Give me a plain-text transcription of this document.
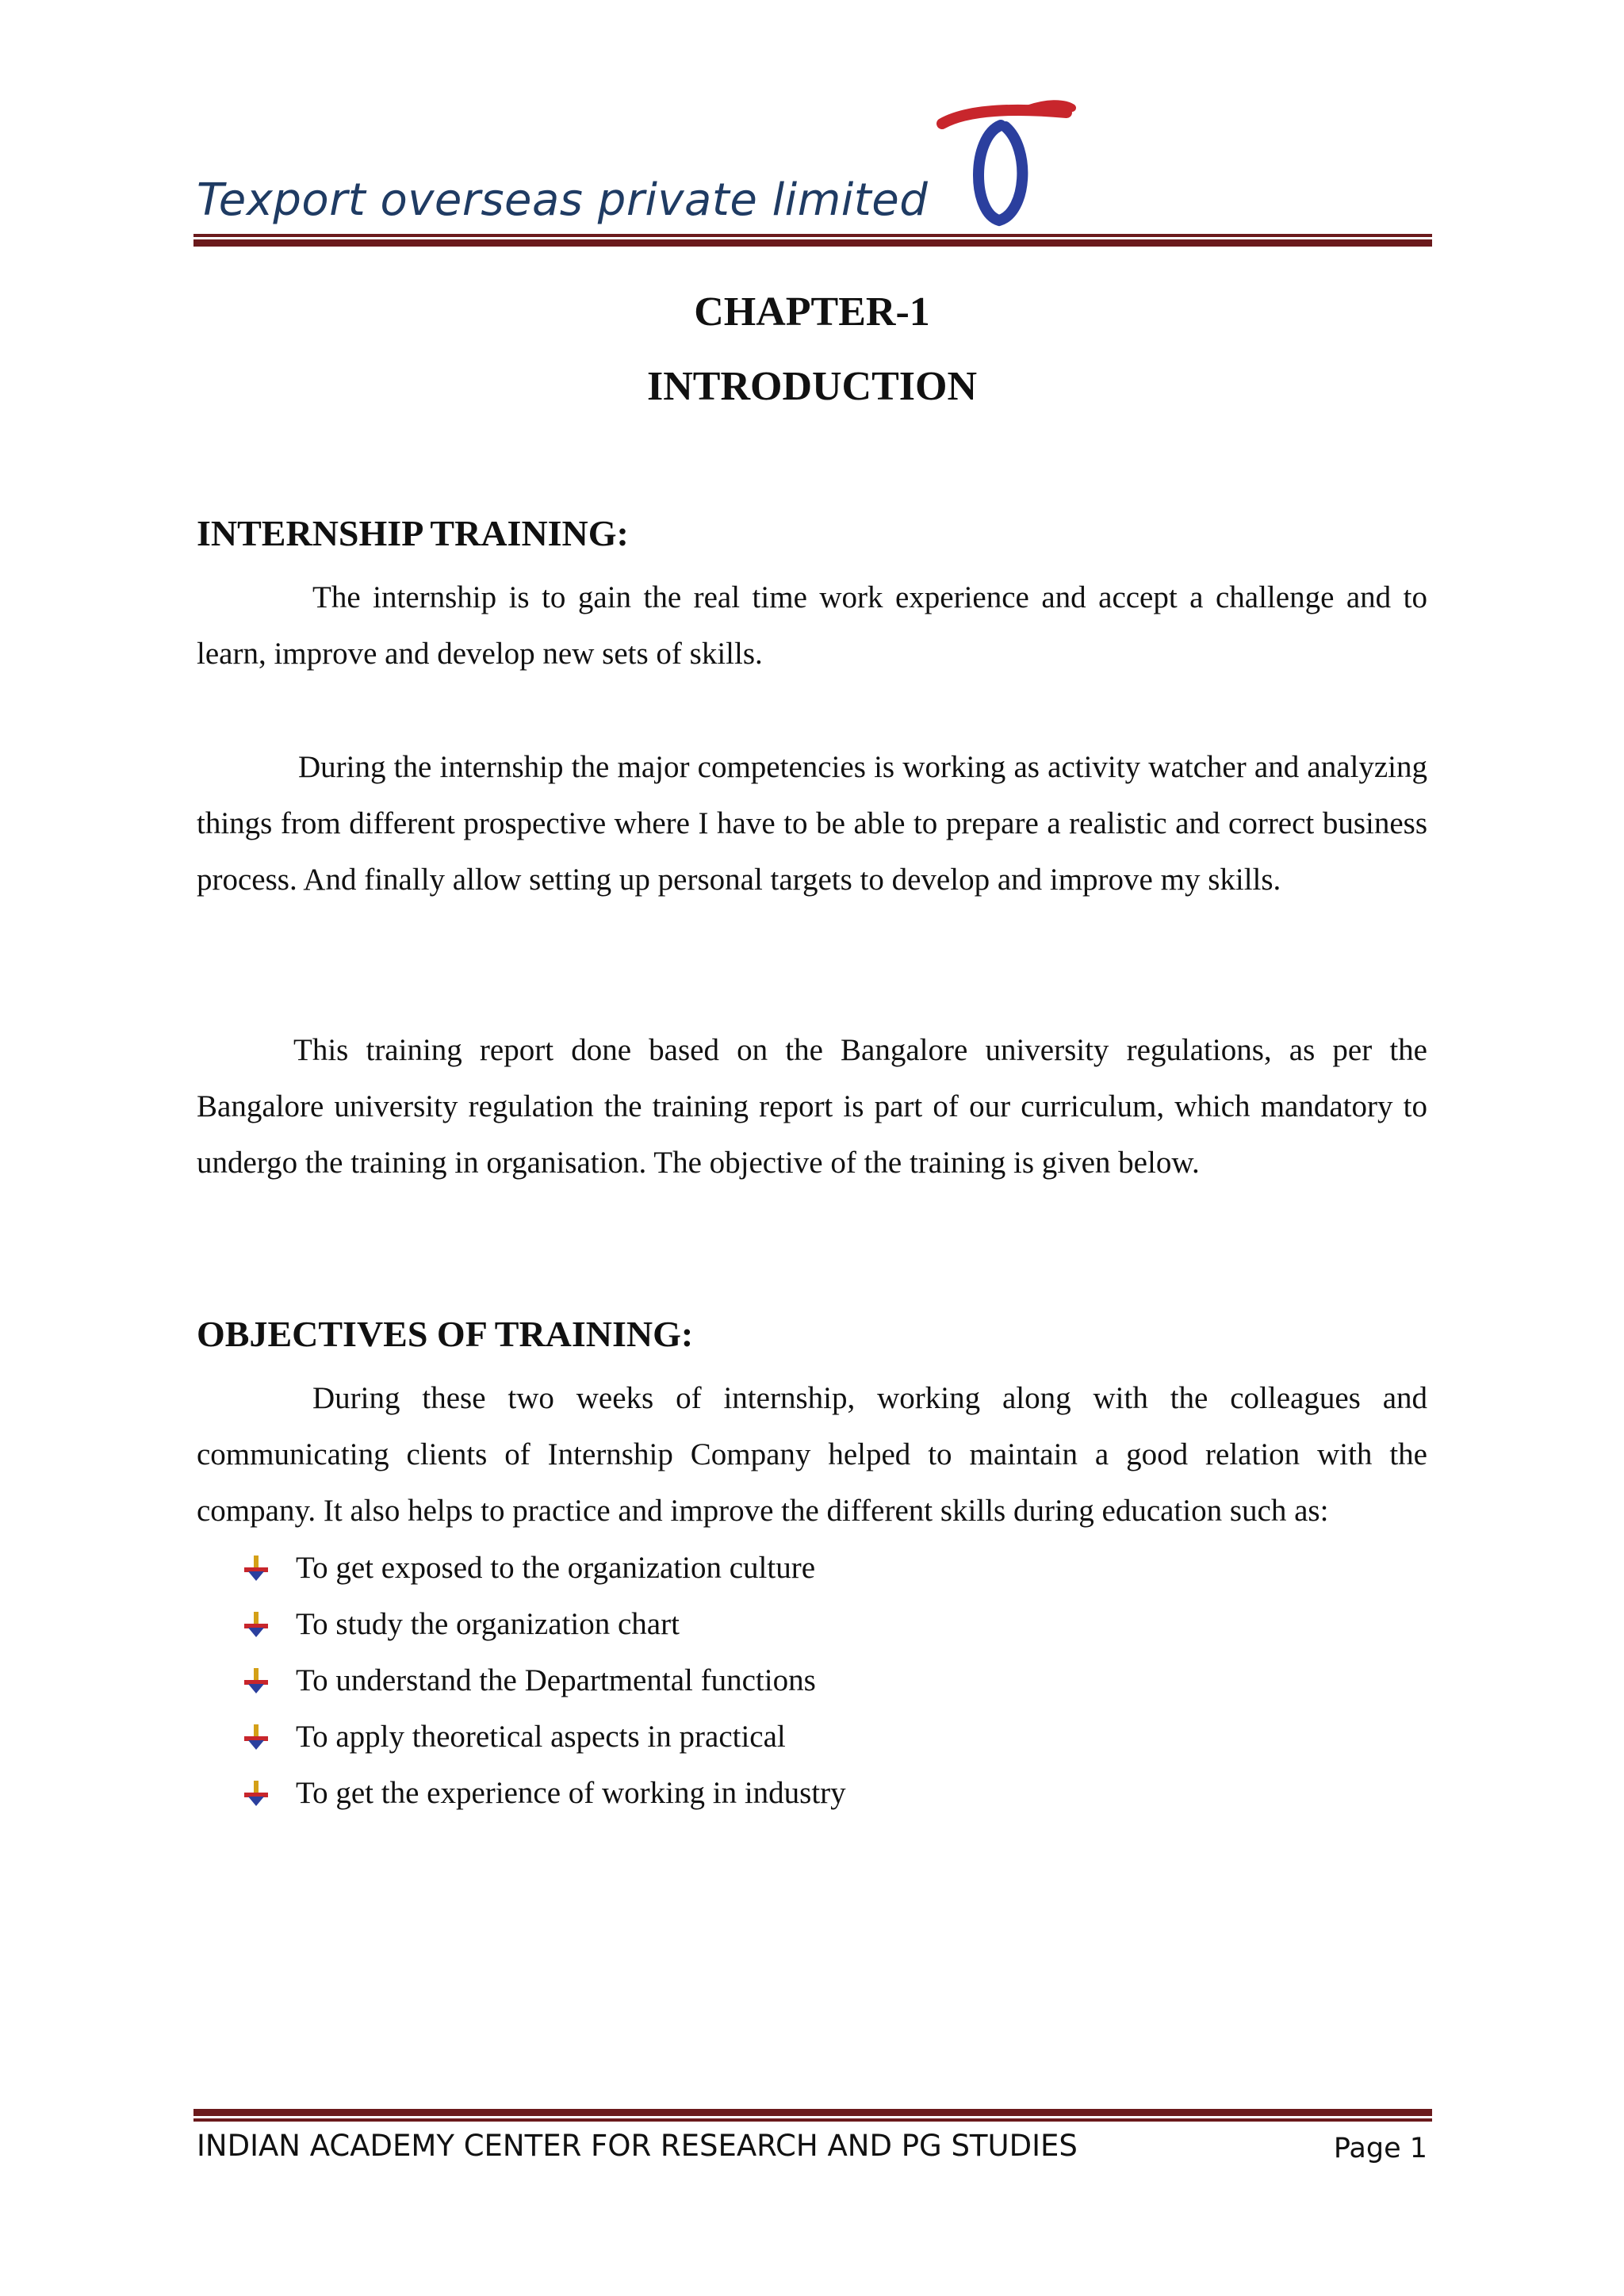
Texport overseas private limited
CHAPTER-1
INTRODUCTION
INTERNSHIP TRAINING:
The internship is to gain the real time work experience and accept a challenge and to learn, improve and develop new sets of skills.
During the internship the major competencies is working as activity watcher and analyzing things from different prospective where I have to be able to prepare a realistic and correct business process. And finally allow setting up personal targets to develop and improve my skills.
This training report done based on the Bangalore university regulations, as per the Bangalore university regulation the training report is part of our curriculum, which mandatory to undergo the training in organisation. The objective of the training is given below.
OBJECTIVES OF TRAINING:
During these two weeks of internship, working along with the colleagues and communicating clients of Internship Company helped to maintain a good relation with the company. It also helps to practice and improve the different skills during education such as:
To get exposed to the organization culture
To study the organization chart
To understand the Departmental functions
To apply theoretical aspects in practical
To get the experience of working in industry
INDIAN ACADEMY CENTER FOR RESEARCH AND PG STUDIES	Page 1
